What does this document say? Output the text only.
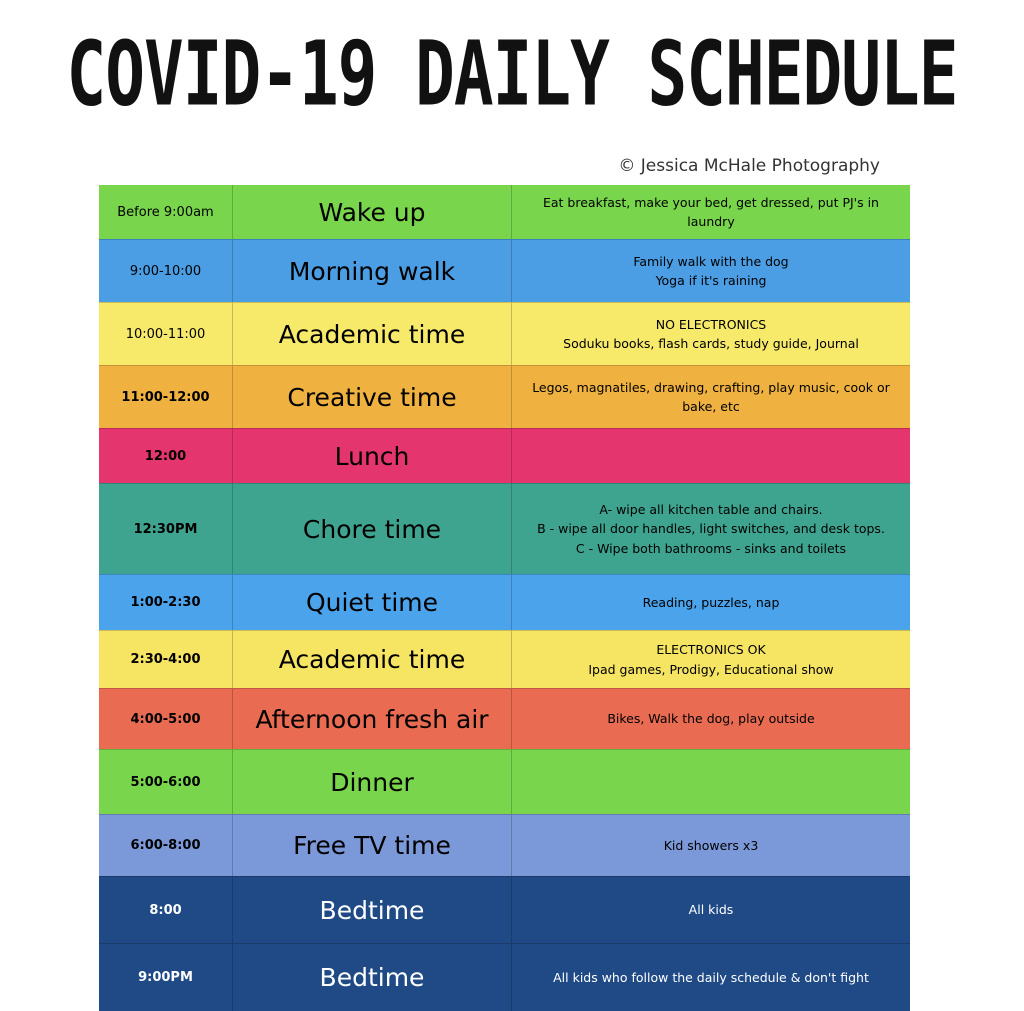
COVID-19 DAILY SCHEDULE
© Jessica McHale Photography
Before 9:00am	Wake up	Eat breakfast, make your bed, get dressed, put PJ's in
laundry
9:00-10:00	Morning walk	Family walk with the dog
Yoga if it's raining
10:00-11:00	Academic time	NO ELECTRONICS
Soduku books, flash cards, study guide, Journal
11:00-12:00	Creative time	Legos, magnatiles, drawing, crafting, play music, cook or
bake, etc
12:00	Lunch
12:30PM	Chore time
A- wipe all kitchen table and chairs.
B - wipe all door handles, light switches, and desk tops.
C - Wipe both bathrooms - sinks and toilets
1:00-2:30	Quiet time	Reading, puzzles, nap
2:30-4:00	Academic time	ELECTRONICS OK
Ipad games, Prodigy, Educational show
4:00-5:00	Afternoon fresh air	Bikes, Walk the dog, play outside
5:00-6:00	Dinner
6:00-8:00	Free TV time	Kid showers x3
8:00	Bedtime	All kids
9:00PM	Bedtime	All kids who follow the daily schedule & don't fight
